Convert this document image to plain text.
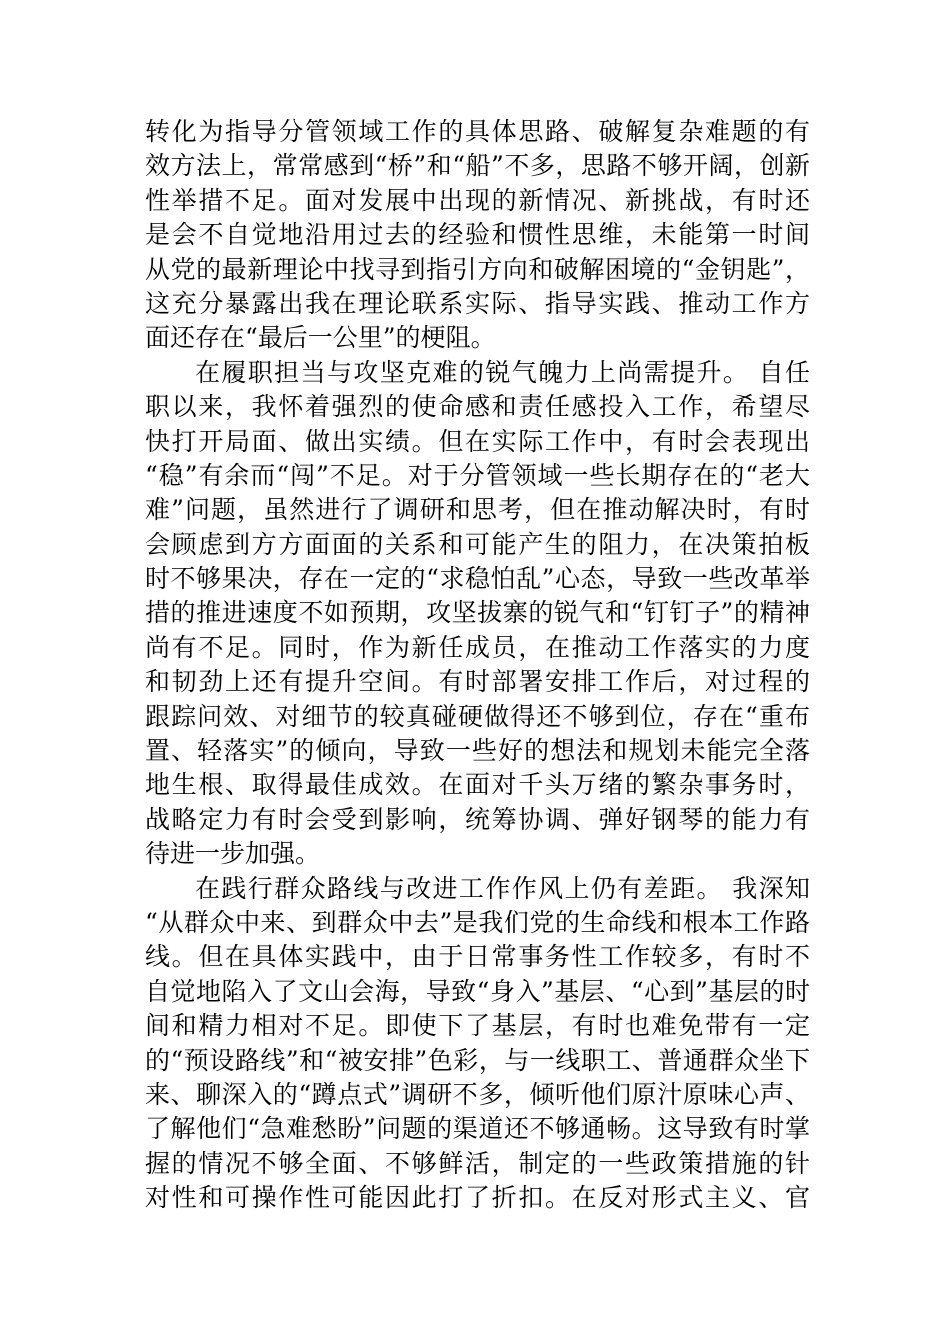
转化为指导分管领域工作的具体思路、破解复杂难题的有
效方法上，常常感到“桥”和“船”不多，思路不够开阔，创新
性举措不足。面对发展中出现的新情况、新挑战，有时还
是会不自觉地沿用过去的经验和惯性思维，未能第一时间
从党的最新理论中找寻到指引方向和破解困境的“金钥匙”，
这充分暴露出我在理论联系实际、指导实践、推动工作方
面还存在“最后一公里”的梗阻。
在履职担当与攻坚克难的锐气魄力上尚需提升。 自任
职以来，我怀着强烈的使命感和责任感投入工作，希望尽
快打开局面、做出实绩。但在实际工作中，有时会表现出
“稳”有余而“闯”不足。对于分管领域一些长期存在的“老大
难”问题，虽然进行了调研和思考，但在推动解决时，有时
会顾虑到方方面面的关系和可能产生的阻力，在决策拍板
时不够果决，存在一定的“求稳怕乱”心态，导致一些改革举
措的推进速度不如预期，攻坚拔寨的锐气和“钉钉子”的精神
尚有不足。同时，作为新任成员，在推动工作落实的力度
和韧劲上还有提升空间。有时部署安排工作后，对过程的
跟踪问效、对细节的较真碰硬做得还不够到位，存在“重布
置、轻落实”的倾向，导致一些好的想法和规划未能完全落
地生根、取得最佳成效。在面对千头万绪的繁杂事务时，
战略定力有时会受到影响，统筹协调、弹好钢琴的能力有
待进一步加强。
在践行群众路线与改进工作作风上仍有差距。 我深知
“从群众中来、到群众中去”是我们党的生命线和根本工作路
线。但在具体实践中，由于日常事务性工作较多，有时不
自觉地陷入了文山会海，导致“身入”基层、“心到”基层的时
间和精力相对不足。即使下了基层，有时也难免带有一定
的“预设路线”和“被安排”色彩，与一线职工、普通群众坐下
来、聊深入的“蹲点式”调研不多，倾听他们原汁原味心声、
了解他们“急难愁盼”问题的渠道还不够通畅。这导致有时掌
握的情况不够全面、不够鲜活，制定的一些政策措施的针
对性和可操作性可能因此打了折扣。在反对形式主义、官
